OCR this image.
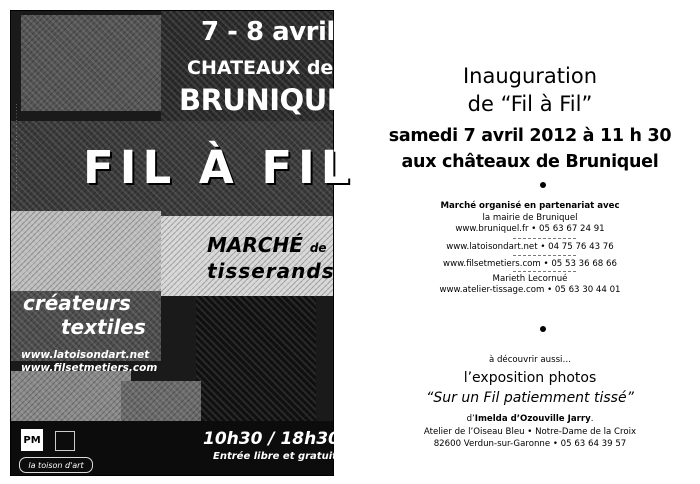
. . . . . . . . . . . . . . . . . . . . . . . . . . . .
7 - 8 avril
CHATEAUX de
BRUNIQUEL
FIL À FIL
MARCHÉ de
tisserands
créateurs
textiles
www.latoisondart.net
www.filsetmetiers.com
10h30 / 18h30
Entrée libre et gratuite
PM
la toison d'art
Inauguration
de “Fil à Fil”
samedi 7 avril 2012 à 11 h 30
aux châteaux de Bruniquel
Marché organisé en partenariat avec
la mairie de Bruniquel
www.bruniquel.fr • 05 63 67 24 91
www.latoisondart.net • 04 75 76 43 76
www.filsetmetiers.com • 05 53 36 68 66
Marieth Lecornué
www.atelier-tissage.com • 05 63 30 44 01
à découvrir aussi…
l’exposition photos
“Sur un Fil patiemment tissé”
d’Imelda d’Ozouville Jarry.
Atelier de l’Oiseau Bleu • Notre-Dame de la Croix
82600 Verdun-sur-Garonne • 05 63 64 39 57
